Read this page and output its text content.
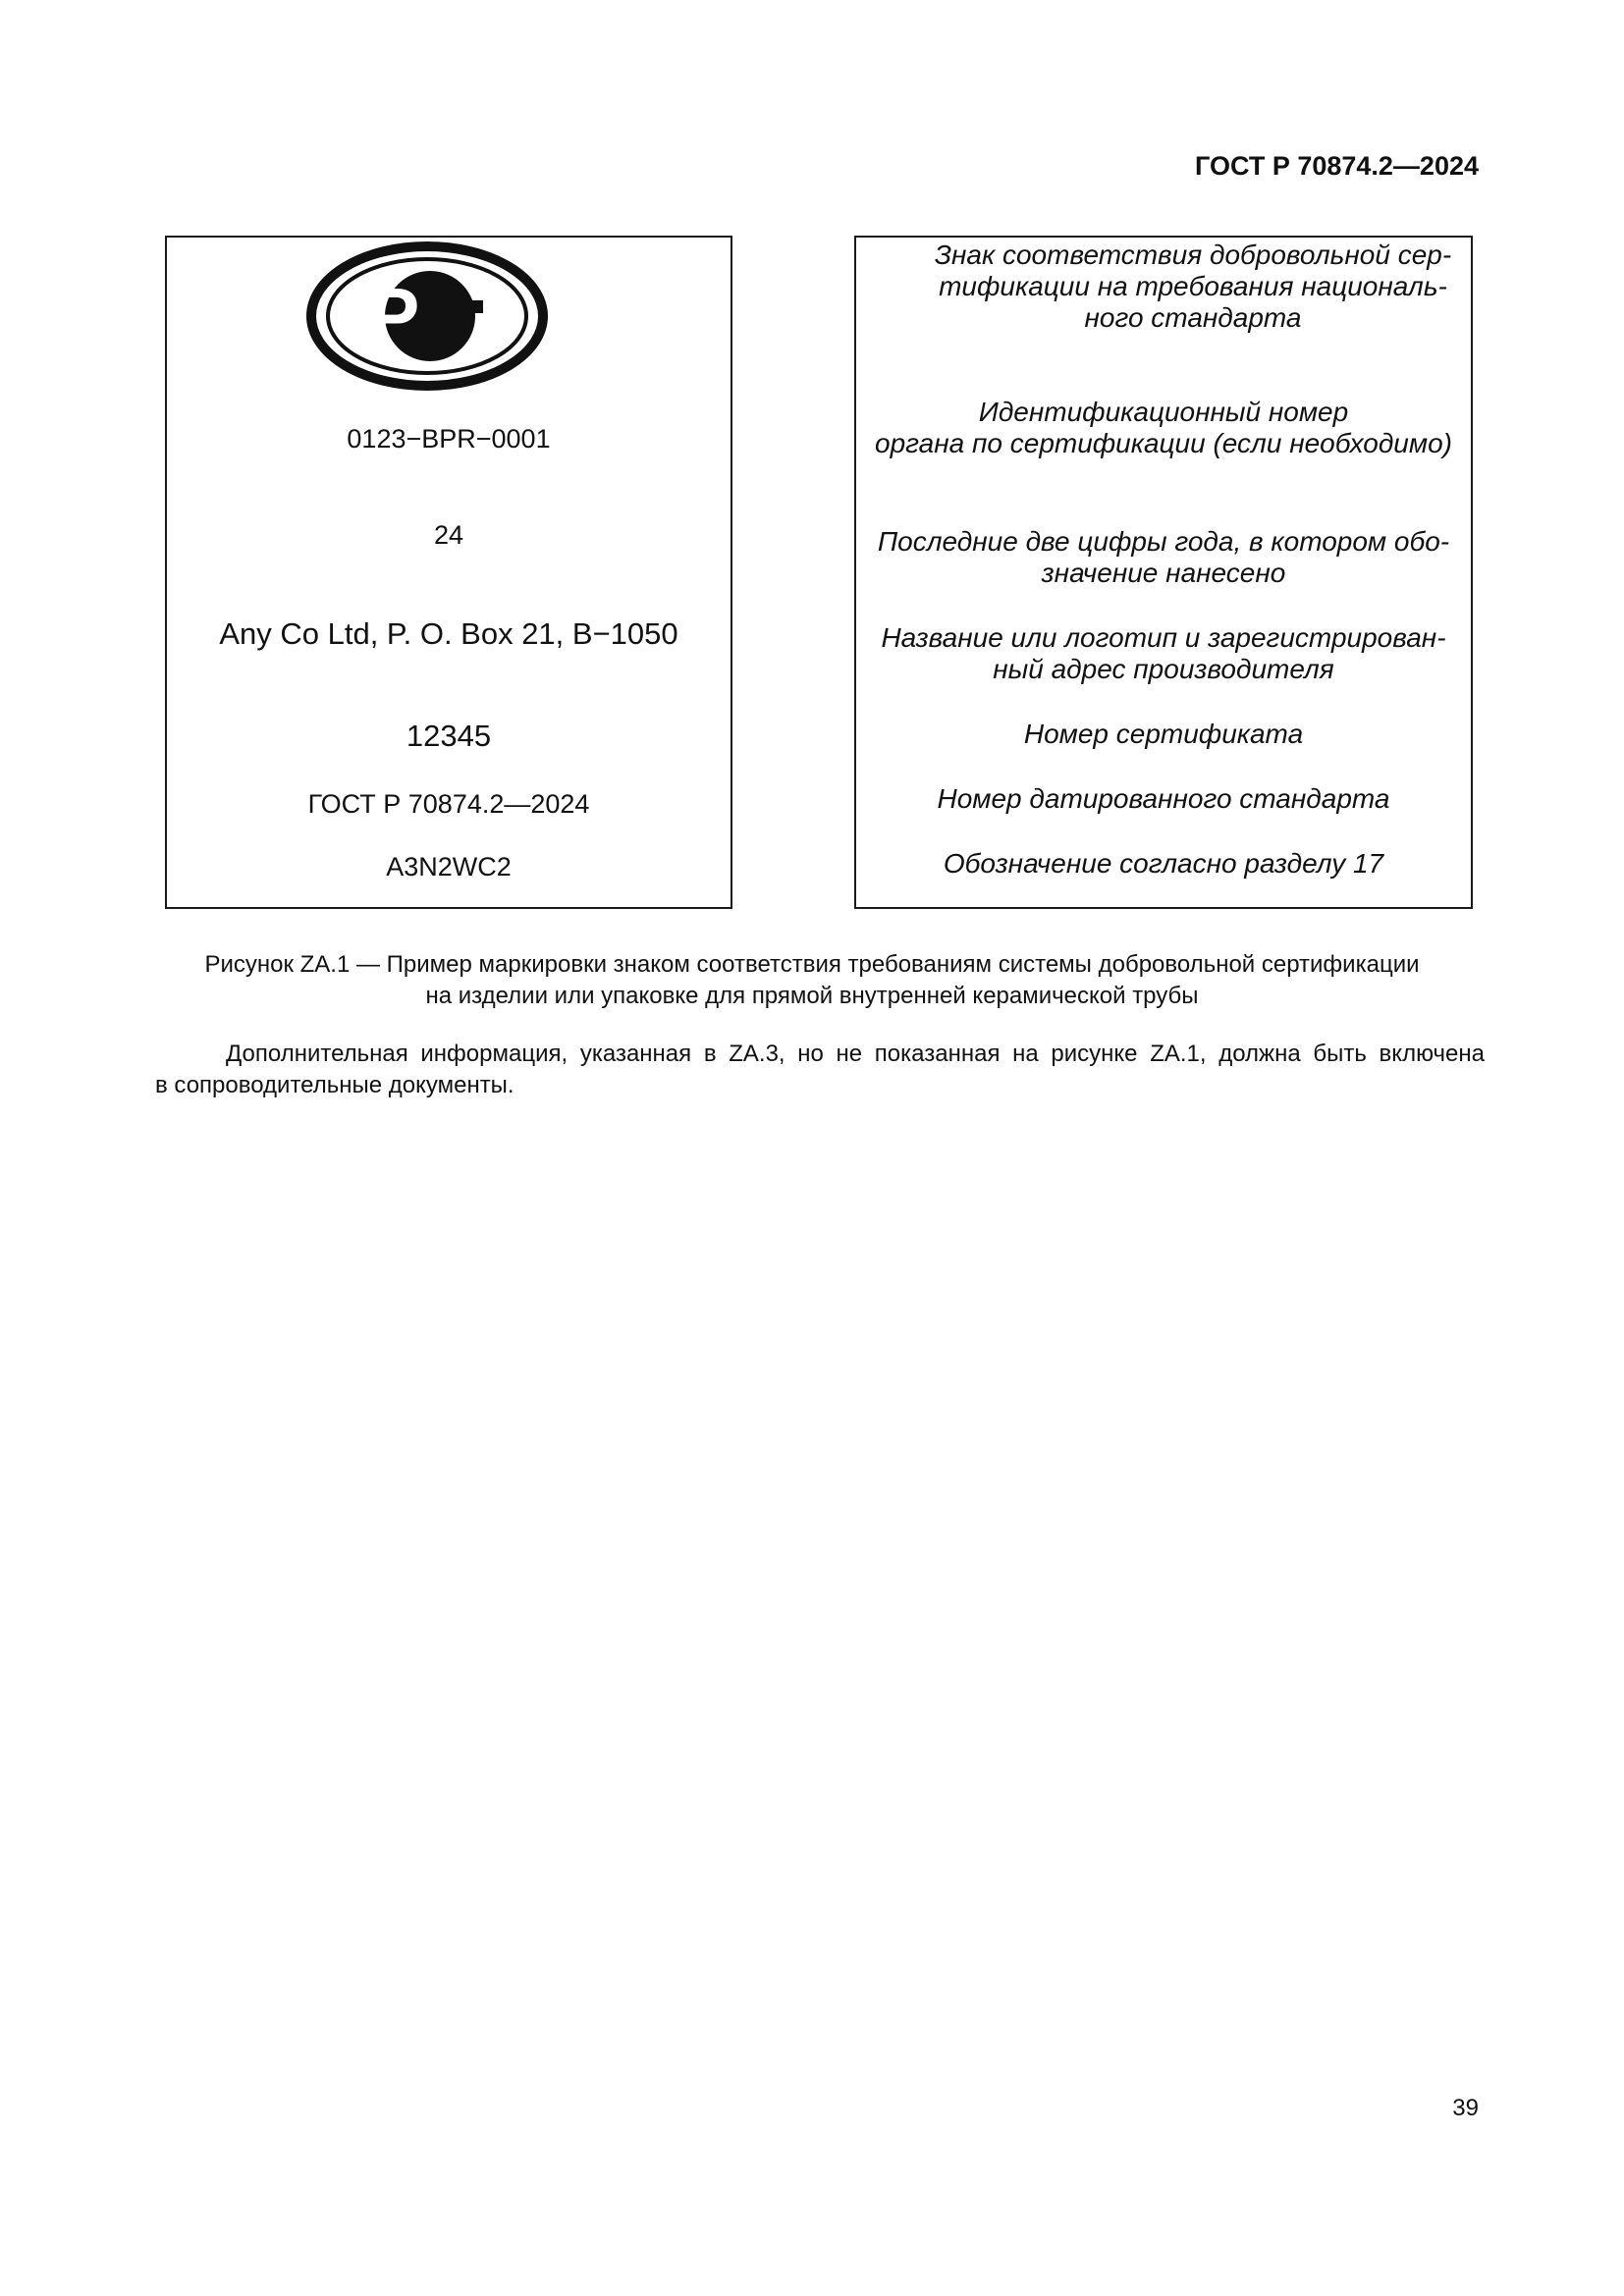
ГОСТ Р 70874.2—2024
P
0123−BPR−0001
24
Any Co Ltd, P. O. Box 21, B−1050
12345
ГОСТ Р 70874.2—2024
A3N2WC2
Знак соответствия добровольной сер-
тификации на требования националь-
ного стандарта
Идентификационный номер
органа по сертификации (если необходимо)
Последние две цифры года, в котором обо-
значение нанесено
Название или логотип и зарегистрирован-
ный адрес производителя
Номер сертификата
Номер датированного стандарта
Обозначение согласно разделу 17
Рисунок ZA.1 — Пример маркировки знаком соответствия требованиям системы добровольной сертификации
на изделии или упаковке для прямой внутренней керамической трубы
Дополнительная информация, указанная в ZA.3, но не показанная на рисунке ZA.1, должна быть включена
в сопроводительные документы.
39
